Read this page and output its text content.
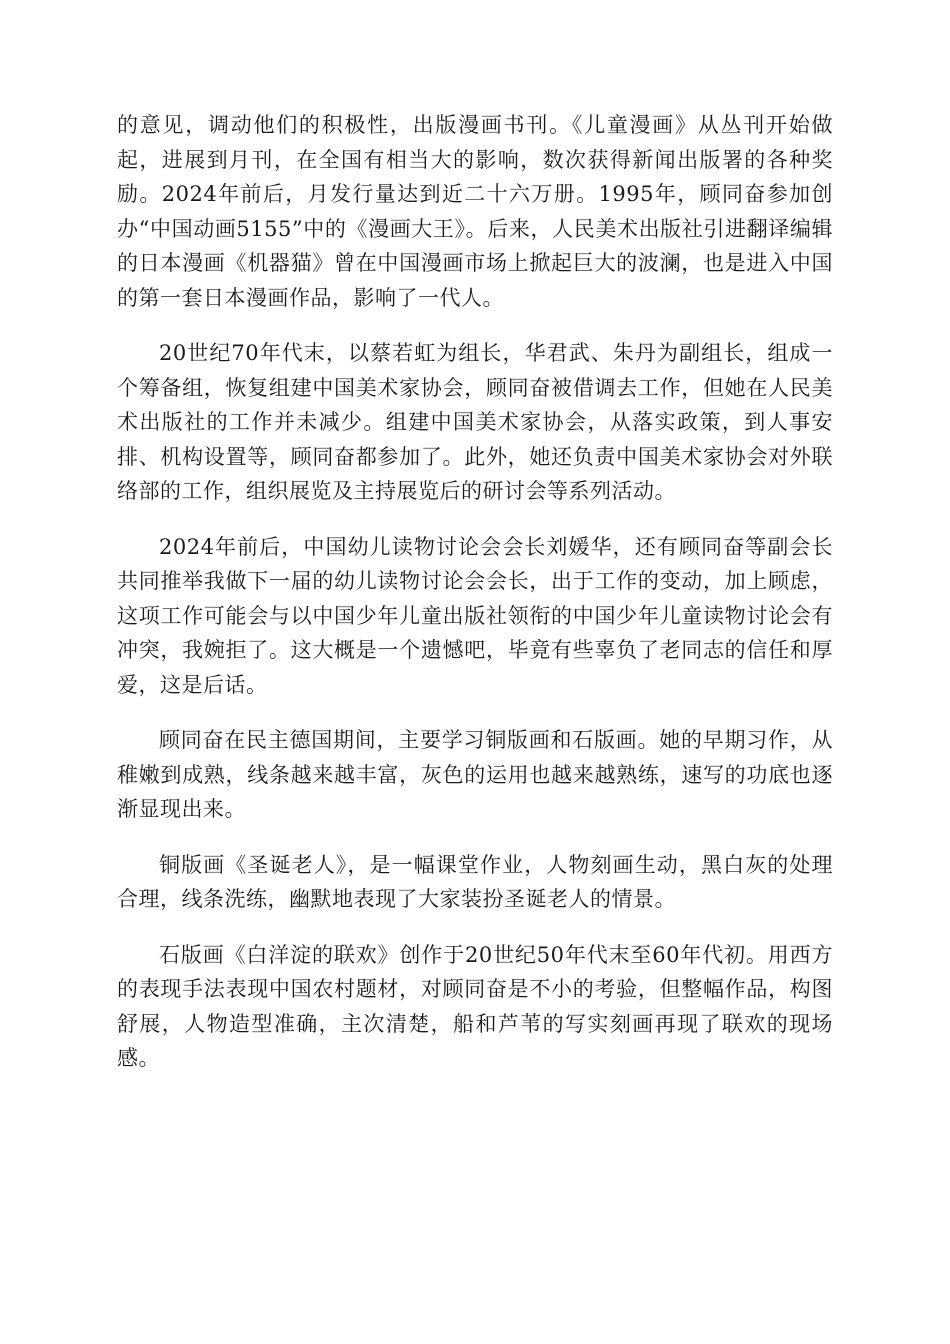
的意见，调动他们的积极性，出版漫画书刊。《儿童漫画》从丛刊开始做起，进展到月刊，在全国有相当大的影响，数次获得新闻出版署的各种奖励。2024年前后，月发行量达到近二十六万册。1995年，顾同奋参加创办“中国动画5155”中的《漫画大王》。后来，人民美术出版社引进翻译编辑的日本漫画《机器猫》曾在中国漫画市场上掀起巨大的波澜，也是进入中国的第一套日本漫画作品，影响了一代人。

20世纪70年代末，以蔡若虹为组长，华君武、朱丹为副组长，组成一个筹备组，恢复组建中国美术家协会，顾同奋被借调去工作，但她在人民美术出版社的工作并未减少。组建中国美术家协会，从落实政策，到人事安排、机构设置等，顾同奋都参加了。此外，她还负责中国美术家协会对外联络部的工作，组织展览及主持展览后的研讨会等系列活动。

2024年前后，中国幼儿读物讨论会会长刘媛华，还有顾同奋等副会长共同推举我做下一届的幼儿读物讨论会会长，出于工作的变动，加上顾虑，这项工作可能会与以中国少年儿童出版社领衔的中国少年儿童读物讨论会有冲突，我婉拒了。这大概是一个遗憾吧，毕竟有些辜负了老同志的信任和厚爱，这是后话。

顾同奋在民主德国期间，主要学习铜版画和石版画。她的早期习作，从稚嫩到成熟，线条越来越丰富，灰色的运用也越来越熟练，速写的功底也逐渐显现出来。

铜版画《圣诞老人》，是一幅课堂作业，人物刻画生动，黑白灰的处理合理，线条洗练，幽默地表现了大家装扮圣诞老人的情景。

石版画《白洋淀的联欢》创作于20世纪50年代末至60年代初。用西方的表现手法表现中国农村题材，对顾同奋是不小的考验，但整幅作品，构图舒展，人物造型准确，主次清楚，船和芦苇的写实刻画再现了联欢的现场感。
